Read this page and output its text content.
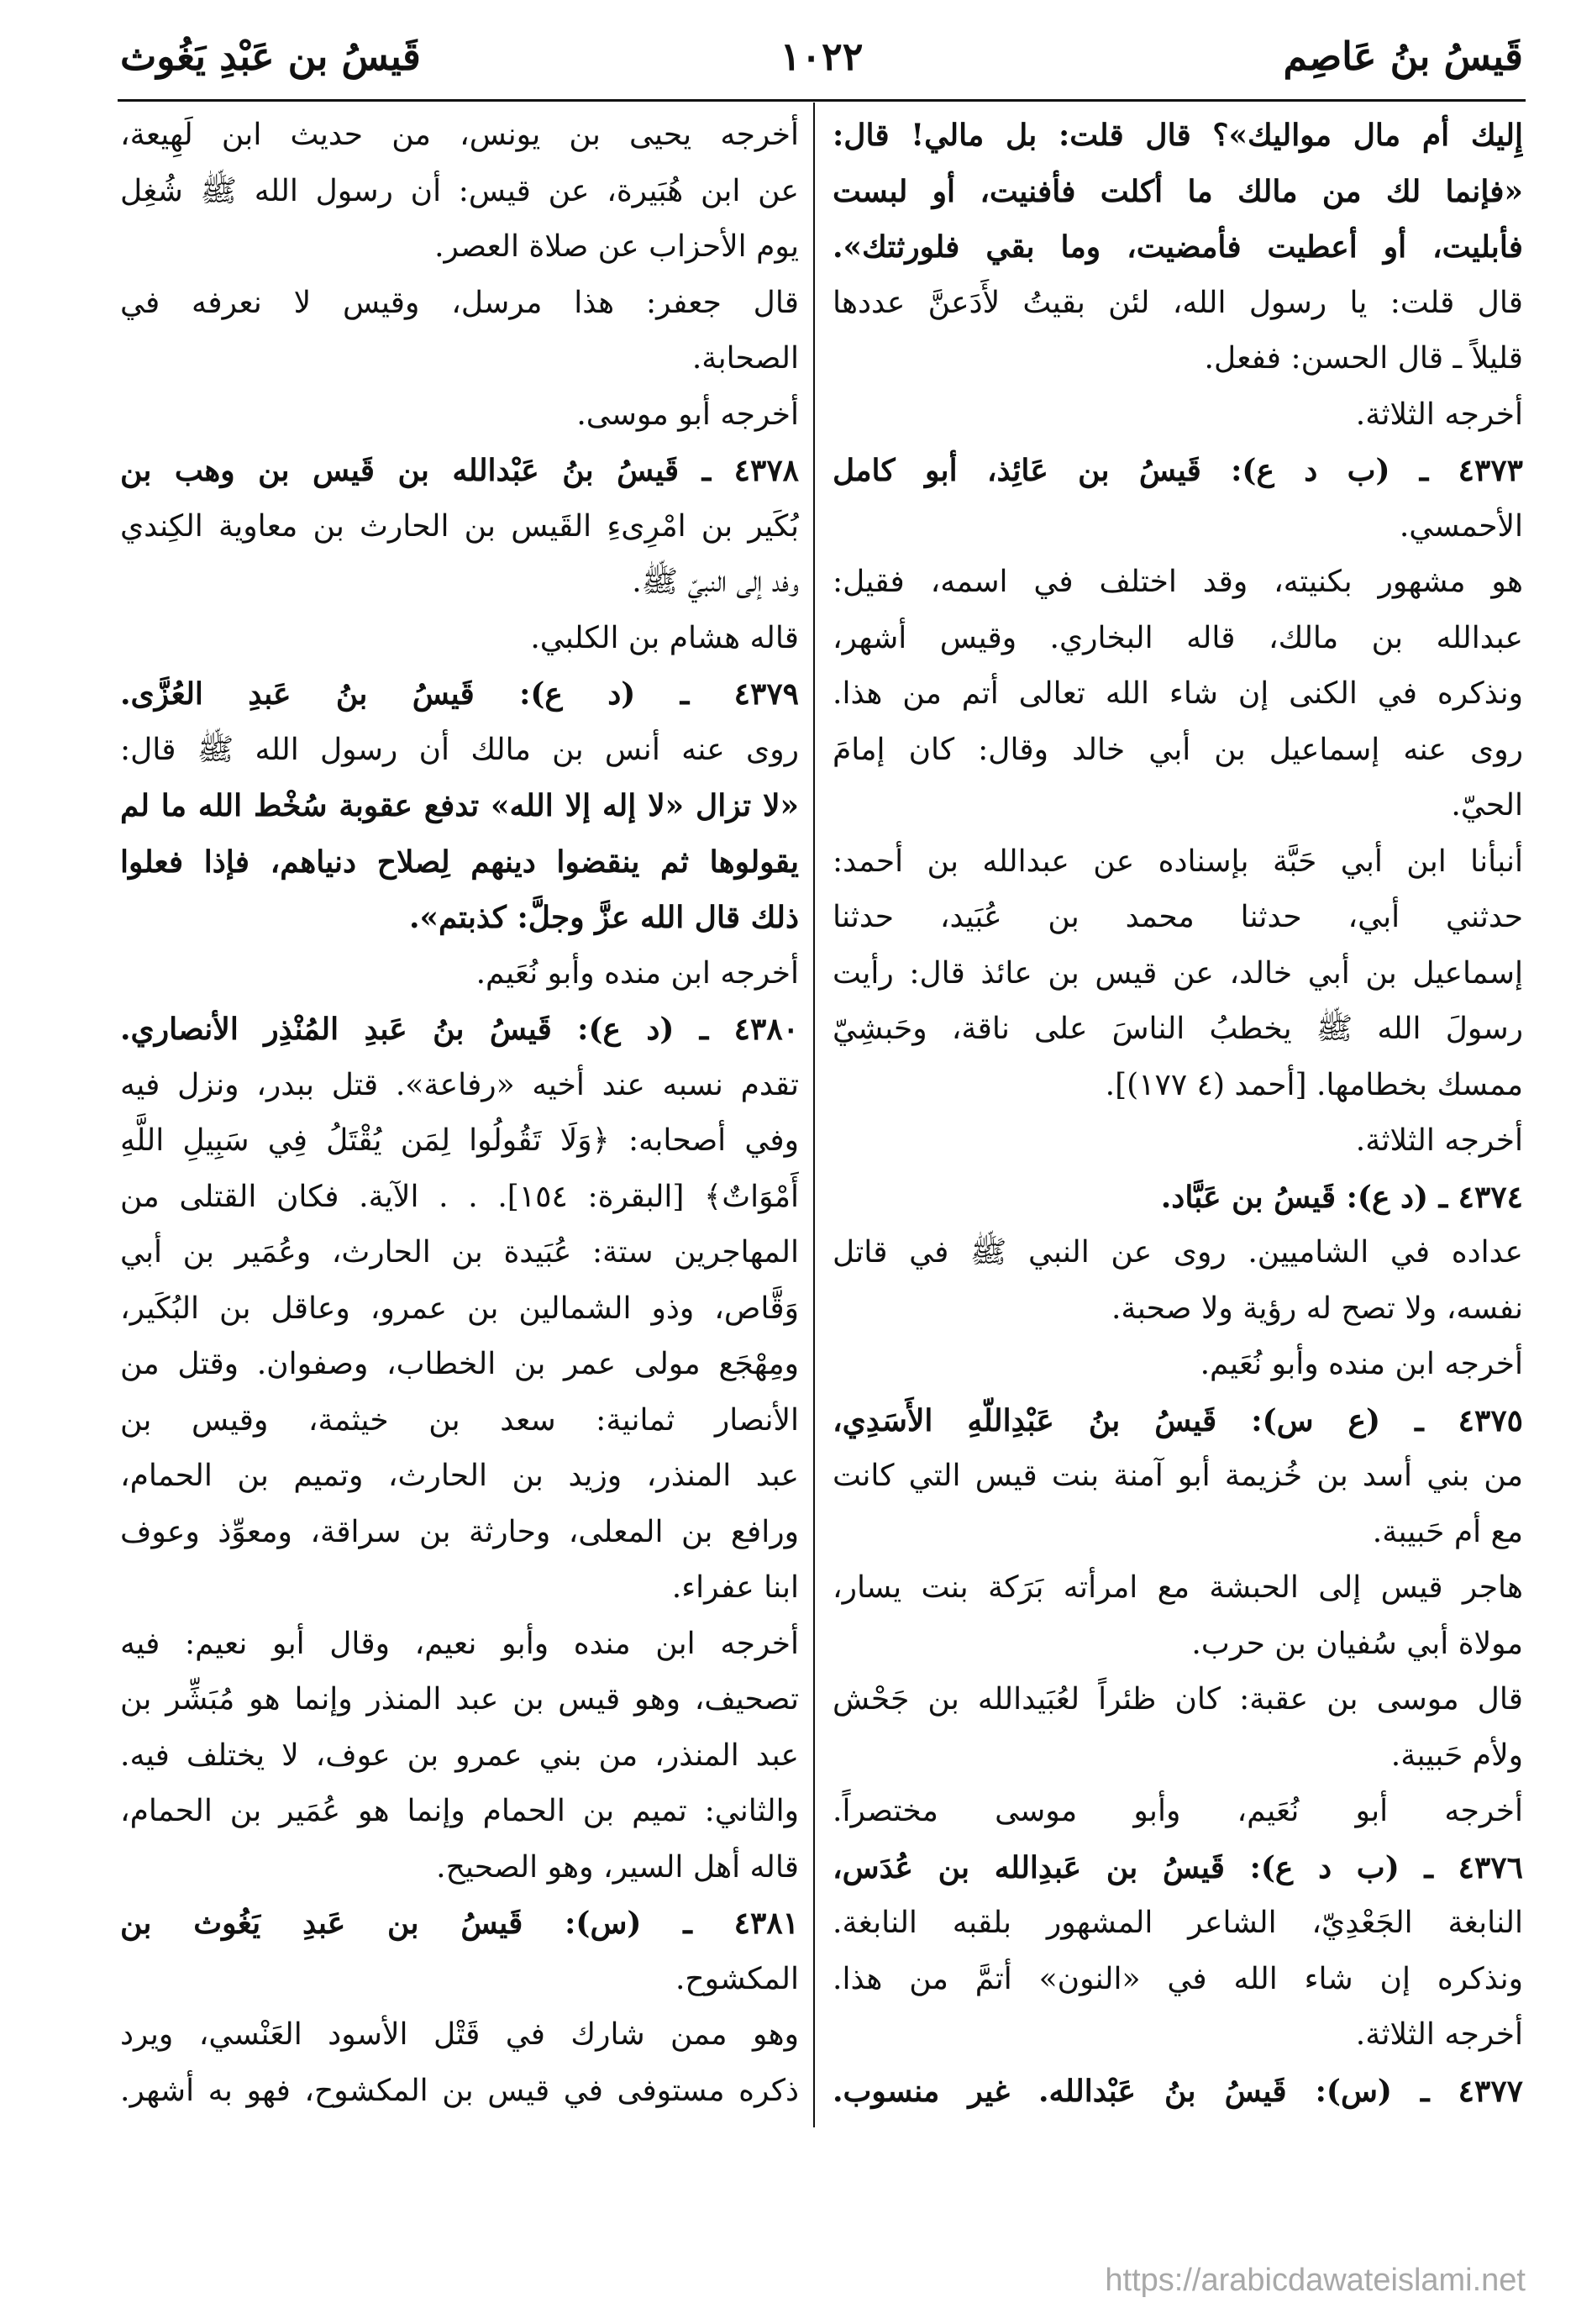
قَيسُ بنُ عَاصِم
١٠٢٢
قَيسُ بن عَبْدِ يَغُوث
إِليك أم مال مواليك»؟ قال قلت: بل مالي! قال:
«فإنما لك من مالك ما أكلت فأفنيت، أو لبست
فأبليت، أو أعطيت فأمضيت، وما بقي فلورثتك».
قال قلت: يا رسول الله، لئن بقيتُ لأَدَعنَّ عددها
قليلاً ـ قال الحسن: ففعل.
أخرجه الثلاثة.
٤٣٧٣ ـ (ب د ع): قَيسُ بن عَائِذ، أبو كامل
الأحمسي.
هو مشهور بكنيته، وقد اختلف في اسمه، فقيل:
عبدالله بن مالك، قاله البخاري. وقيس أشهر،
ونذكره في الكنى إن شاء الله تعالى أتم من هذا.
روى عنه إسماعيل بن أبي خالد وقال: كان إمامَ
الحيّ.
أنبأنا ابن أبي حَبَّة بإسناده عن عبدالله بن أحمد:
حدثني أبي، حدثنا محمد بن عُبَيد، حدثنا
إسماعيل بن أبي خالد، عن قيس بن عائذ قال: رأيت
رسولَ الله ﷺ يخطبُ الناسَ على ناقة، وحَبشِيّ
ممسك بخطامها. [أحمد (٤ ١٧٧)].
أخرجه الثلاثة.
٤٣٧٤ ـ (د ع): قَيسُ بن عَبَّاد.
عداده في الشاميين. روى عن النبي ﷺ في قاتل
نفسه، ولا تصح له رؤية ولا صحبة.
أخرجه ابن منده وأبو نُعَيم.
٤٣٧٥ ـ (ع س): قَيسُ بنُ عَبْدِاللّهِ الأَسَدِي،
من بني أسد بن خُزيمة أبو آمنة بنت قيس التي كانت
مع أم حَبيبة.
هاجر قيس إلى الحبشة مع امرأته بَرَكة بنت يسار،
مولاة أبي سُفيان بن حرب.
قال موسى بن عقبة: كان ظئراً لعُبَيدالله بن جَحْش
ولأم حَبيبة.
أخرجه أبو نُعَيم، وأبو موسى مختصراً.
٤٣٧٦ ـ (ب د ع): قَيسُ بن عَبدِالله بن عُدَس،
النابغة الجَعْدِيّ، الشاعر المشهور بلقبه النابغة.
ونذكره إن شاء الله في «النون» أتمَّ من هذا.
أخرجه الثلاثة.
٤٣٧٧ ـ (س): قَيسُ بنُ عَبْدالله. غير منسوب.
أخرجه يحيى بن يونس، من حديث ابن لَهِيعة،
عن ابن هُبَيرة، عن قيس: أن رسول الله ﷺ شُغِل
يوم الأحزاب عن صلاة العصر.
قال جعفر: هذا مرسل، وقيس لا نعرفه في
الصحابة.
أخرجه أبو موسى.
٤٣٧٨ ـ قَيسُ بنُ عَبْدالله بن قَيس بن وهب بن
بُكَير بن امْرِىءِ القَيس بن الحارث بن معاوية الكِندي
وفد إلى النبيّ ﷺ.
قاله هشام بن الكلبي.
٤٣٧٩ ـ (د ع): قَيسُ بنُ عَبدِ العُزَّى.
روى عنه أنس بن مالك أن رسول الله ﷺ قال:
«لا تزال «لا إله إلا الله» تدفع عقوبة سُخْط الله ما لم
يقولوها ثم ينقضوا دينهم لِصلاح دنياهم، فإذا فعلوا
ذلك قال الله عزَّ وجلَّ: كذبتم».
أخرجه ابن منده وأبو نُعَيم.
٤٣٨٠ ـ (د ع): قَيسُ بنُ عَبدِ المُنْذِر الأنصاري.
تقدم نسبه عند أخيه «رفاعة». قتل ببدر، ونزل فيه
وفي أصحابه: ﴿وَلَا تَقُولُوا لِمَن يُقْتَلُ فِي سَبِيلِ اللَّهِ
أَمْوَاتٌ﴾ [البقرة: ١٥٤]. . . الآية. فكان القتلى من
المهاجرين ستة: عُبَيدة بن الحارث، وعُمَير بن أبي
وَقَّاص، وذو الشمالين بن عمرو، وعاقل بن البُكَير،
ومِهْجَع مولى عمر بن الخطاب، وصفوان. وقتل من
الأنصار ثمانية: سعد بن خيثمة، وقيس بن
عبد المنذر، وزيد بن الحارث، وتميم بن الحمام،
ورافع بن المعلى، وحارثة بن سراقة، ومعوِّذ وعوف
ابنا عفراء.
أخرجه ابن منده وأبو نعيم، وقال أبو نعيم: فيه
تصحيف، وهو قيس بن عبد المنذر وإنما هو مُبَشِّر بن
عبد المنذر، من بني عمرو بن عوف، لا يختلف فيه.
والثاني: تميم بن الحمام وإنما هو عُمَير بن الحمام،
قاله أهل السير، وهو الصحيح.
٤٣٨١ ـ (س): قَيسُ بن عَبدِ يَغُوث بن
المكشوح.
وهو ممن شارك في قَتْل الأسود العَنْسي، ويرد
ذكره مستوفى في قيس بن المكشوح، فهو به أشهر.
https://arabicdawateislami.net
